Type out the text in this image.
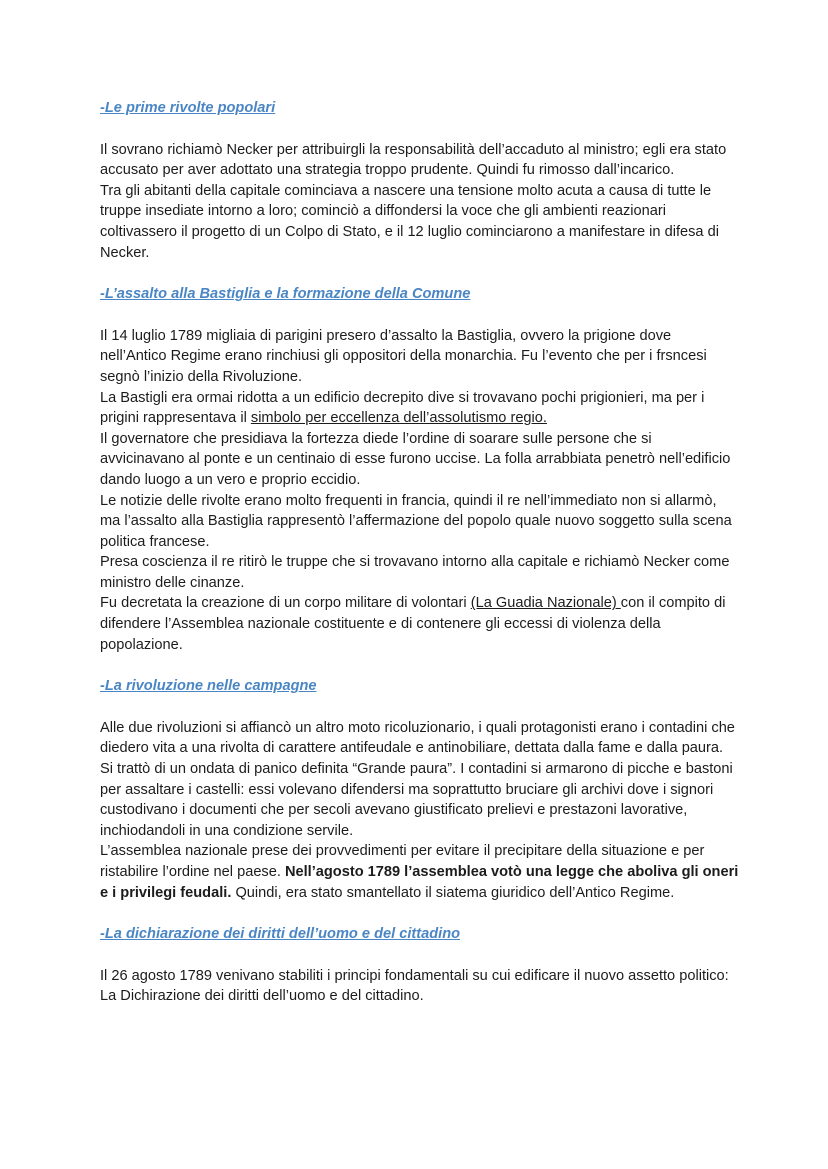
-Le prime rivolte popolari

Il sovrano richiamò Necker per attribuirgli la responsabilità dell’accaduto al ministro; egli era stato accusato per aver adottato una strategia troppo prudente. Quindi fu rimosso dall’incarico.

Tra gli abitanti della capitale cominciava a nascere una tensione molto acuta a causa di tutte le truppe insediate intorno a loro; cominciò a diffondersi la voce che gli ambienti reazionari coltivassero il progetto di un Colpo di Stato, e il 12 luglio cominciarono a manifestare in difesa di Necker.

-L’assalto alla Bastiglia e la formazione della Comune

Il 14 luglio 1789 migliaia di parigini presero d’assalto la Bastiglia, ovvero la prigione dove nell’Antico Regime erano rinchiusi gli oppositori della monarchia. Fu l’evento che per i frsncesi segnò l’inizio della Rivoluzione.

La Bastigli era ormai ridotta a un edificio decrepito dive si trovavano pochi prigionieri, ma per i prigini rappresentava il simbolo per eccellenza dell’assolutismo regio.

Il governatore che presidiava la fortezza diede l’ordine di soarare sulle persone che si avvicinavano al ponte e un centinaio di esse furono uccise. La folla arrabbiata penetrò nell’edificio dando luogo a un vero e proprio eccidio.

Le notizie delle rivolte erano molto frequenti in francia, quindi il re nell’immediato non si allarmò, ma l’assalto alla Bastiglia rappresentò l’affermazione del popolo quale nuovo soggetto sulla scena politica francese.

Presa coscienza il re ritirò le truppe che si trovavano intorno alla capitale e richiamò Necker come ministro delle cinanze.

Fu decretata la creazione di un corpo militare di volontari (La Guadia Nazionale) con il compito di difendere l’Assemblea nazionale costituente e di contenere gli eccessi di violenza della popolazione.

-La rivoluzione nelle campagne

Alle due rivoluzioni si affiancò un altro moto ricoluzionario, i quali protagonisti erano i contadini che diedero vita a una rivolta di carattere antifeudale e antinobiliare, dettata dalla fame e dalla paura. Si trattò di un ondata di panico definita “Grande paura”. I contadini si armarono di picche e bastoni per assaltare i castelli: essi volevano difendersi ma soprattutto bruciare gli archivi dove i signori custodivano i documenti che per secoli avevano giustificato prelievi e prestazoni lavorative, inchiodandoli in una condizione servile.

L’assemblea nazionale prese dei provvedimenti per evitare il precipitare della situazione e per ristabilire l’ordine nel paese. Nell’agosto 1789 l’assemblea votò una legge che aboliva gli oneri e i privilegi feudali. Quindi, era stato smantellato il siatema giuridico dell’Antico Regime.

-La dichiarazione dei diritti dell’uomo e del cittadino

Il 26 agosto 1789 venivano stabiliti i principi fondamentali su cui edificare il nuovo assetto politico: La Dichirazione dei diritti dell’uomo e del cittadino.
